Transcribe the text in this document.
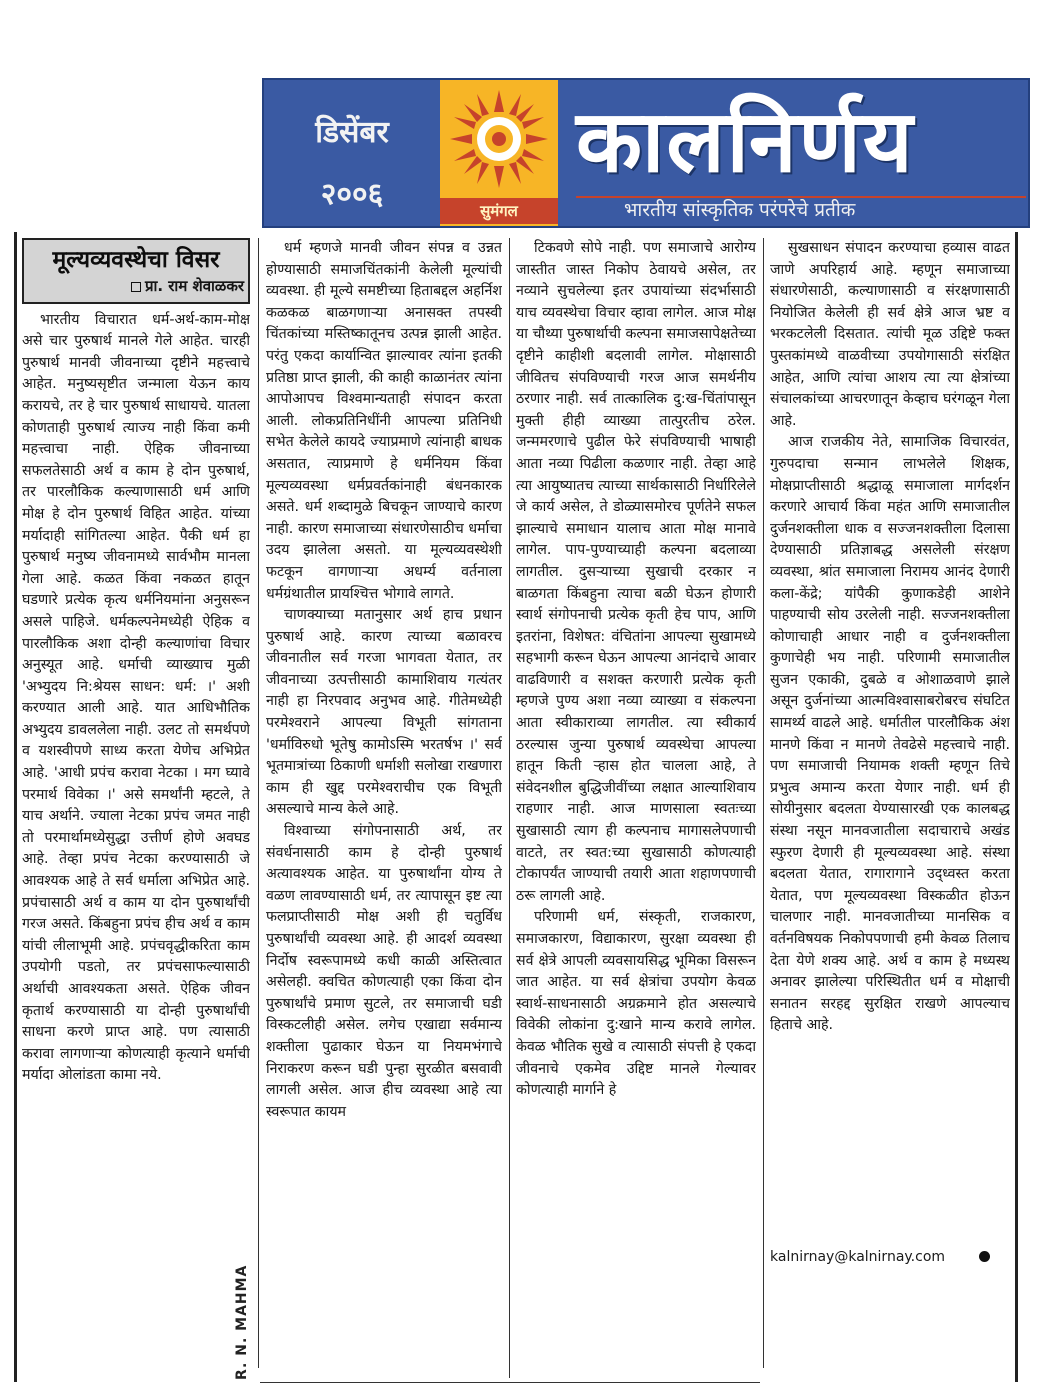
डिसेंबर
२००६	सुमंगल
कालनिर्णय
भारतीय सांस्कृतिक परंपरेचे प्रतीक
मूल्यव्यवस्थेचा विसर
प्रा. राम शेवाळकर

भारतीय विचारात धर्म-अर्थ-काम-मोक्ष असे चार पुरुषार्थ मानले गेले आहेत. चारही पुरुषार्थ मानवी जीवनाच्या दृष्टीने महत्त्वाचे आहेत. मनुष्यसृष्टीत जन्माला येऊन काय करायचे, तर हे चार पुरुषार्थ साधायचे. यातला कोणताही पुरुषार्थ त्याज्य नाही किंवा कमी महत्त्वाचा नाही. ऐहिक जीवनाच्या सफलतेसाठी अर्थ व काम हे दोन पुरुषार्थ, तर पारलौकिक कल्याणासाठी धर्म आणि मोक्ष हे दोन पुरुषार्थ विहित आहेत. यांच्या मर्यादाही सांगितल्या आहेत. पैकी धर्म हा पुरुषार्थ मनुष्य जीवनामध्ये सार्वभौम मानला गेला आहे. कळत किंवा नकळत हातून घडणारे प्रत्येक कृत्य धर्मनियमांना अनुसरून असले पाहिजे. धर्मकल्पनेमध्येही ऐहिक व पारलौकिक अशा दोन्ही कल्याणांचा विचार अनुस्यूत आहे. धर्माची व्याख्याच मुळी 'अभ्युदय नि:श्रेयस साधन: धर्म: ।' अशी करण्यात आली आहे. यात आधिभौतिक अभ्युदय डावललेला नाही. उलट तो समर्थपणे व यशस्वीपणे साध्य करता येणेच अभिप्रेत आहे. 'आधी प्रपंच करावा नेटका । मग घ्यावे परमार्थ विवेका ।' असे समर्थांनी म्हटले, ते याच अर्थाने. ज्याला नेटका प्रपंच जमत नाही तो परमार्थामध्येसुद्धा उत्तीर्ण होणे अवघड आहे. तेव्हा प्रपंच नेटका करण्यासाठी जे आवश्यक आहे ते सर्व धर्माला अभिप्रेत आहे. प्रपंचासाठी अर्थ व काम या दोन पुरुषार्थांची गरज असते. किंबहुना प्रपंच हीच अर्थ व काम यांची लीलाभूमी आहे. प्रपंचवृद्धीकरिता काम उपयोगी पडतो, तर प्रपंचसाफल्यासाठी अर्थाची आवश्यकता असते. ऐहिक जीवन कृतार्थ करण्यासाठी या दोन्ही पुरुषार्थांची साधना करणे प्राप्त आहे. पण त्यासाठी करावा लागणाऱ्या कोणत्याही कृत्याने धर्माची मर्यादा ओलांडता कामा नये.

धर्म म्हणजे मानवी जीवन संपन्न व उन्नत होण्यासाठी समाजचिंतकांनी केलेली मूल्यांची व्यवस्था. ही मूल्ये समष्टीच्या हिताबद्दल अहर्निश कळकळ बाळगणाऱ्या अनासक्त तपस्वी चिंतकांच्या मस्तिष्कातूनच उत्पन्न झाली आहेत. परंतु एकदा कार्यान्वित झाल्यावर त्यांना इतकी प्रतिष्ठा प्राप्त झाली, की काही काळानंतर त्यांना आपोआपच विश्वमान्यताही संपादन करता आली. लोकप्रतिनिधींनी आपल्या प्रतिनिधी सभेत केलेले कायदे ज्याप्रमाणे त्यांनाही बाधक असतात, त्याप्रमाणे हे धर्मनियम किंवा मूल्यव्यवस्था धर्मप्रवर्तकांनाही बंधनकारक असते. धर्म शब्दामुळे बिचकून जाण्याचे कारण नाही. कारण समाजाच्या संधारणेसाठीच धर्माचा उदय झालेला असतो. या मूल्यव्यवस्थेशी फटकून वागणाऱ्या अधर्म्य वर्तनाला धर्मग्रंथातील प्रायश्चित्त भोगावे लागते.

चाणक्याच्या मतानुसार अर्थ हाच प्रधान पुरुषार्थ आहे. कारण त्याच्या बळावरच जीवनातील सर्व गरजा भागवता येतात, तर जीवनाच्या उत्पत्तीसाठी कामाशिवाय गत्यंतर नाही हा निरपवाद अनुभव आहे. गीतेमध्येही परमेश्वराने आपल्या विभूती सांगताना 'धर्माविरुधो भूतेषु कामोऽस्मि भरतर्षभ ।' सर्व भूतमात्रांच्या ठिकाणी धर्माशी सलोखा राखणारा काम ही खुद्द परमेश्वराचीच एक विभूती असल्याचे मान्य केले आहे.

विश्वाच्या संगोपनासाठी अर्थ, तर संवर्धनासाठी काम हे दोन्ही पुरुषार्थ अत्यावश्यक आहेत. या पुरुषार्थांना योग्य ते वळण लावण्यासाठी धर्म, तर त्यापासून इष्ट त्या फलप्राप्तीसाठी मोक्ष अशी ही चतुर्विध पुरुषार्थांची व्यवस्था आहे. ही आदर्श व्यवस्था निर्दोष स्वरूपामध्ये कधी काळी अस्तित्वात असेलही. क्वचित कोणत्याही एका किंवा दोन पुरुषार्थांचे प्रमाण सुटले, तर समाजाची घडी विस्कटलीही असेल. लगेच एखाद्या सर्वमान्य शक्तीला पुढाकार घेऊन या नियमभंगाचे निराकरण करून घडी पुन्हा सुरळीत बसवावी लागली असेल. आज हीच व्यवस्था आहे त्या स्वरूपात कायम

टिकवणे सोपे नाही. पण समाजाचे आरोग्य जास्तीत जास्त निकोप ठेवायचे असेल, तर नव्याने सुचलेल्या इतर उपायांच्या संदर्भासाठी याच व्यवस्थेचा विचार व्हावा लागेल. आज मोक्ष या चौथ्या पुरुषार्थाची कल्पना समाजसापेक्षतेच्या दृष्टीने काहीशी बदलावी लागेल. मोक्षासाठी जीवितच संपविण्याची गरज आज समर्थनीय ठरणार नाही. सर्व तात्कालिक दु:ख-चिंतांपासून मुक्ती हीही व्याख्या तात्पुरतीच ठरेल. जन्ममरणाचे पुढील फेरे संपविण्याची भाषाही आता नव्या पिढीला कळणार नाही. तेव्हा आहे त्या आयुष्यातच त्याच्या सार्थकासाठी निर्धारिलेले जे कार्य असेल, ते डोळ्यासमोरच पूर्णतेने सफल झाल्याचे समाधान यालाच आता मोक्ष मानावे लागेल. पाप-पुण्याच्याही कल्पना बदलाव्या लागतील. दुसऱ्याच्या सुखाची दरकार न बाळगता किंबहुना त्याचा बळी घेऊन होणारी स्वार्थ संगोपनाची प्रत्येक कृती हेच पाप, आणि इतरांना, विशेषत: वंचितांना आपल्या सुखामध्ये सहभागी करून घेऊन आपल्या आनंदाचे आवार वाढविणारी व सशक्त करणारी प्रत्येक कृती म्हणजे पुण्य अशा नव्या व्याख्या व संकल्पना आता स्वीकाराव्या लागतील. त्या स्वीकार्य ठरल्यास जुन्या पुरुषार्थ व्यवस्थेचा आपल्या हातून किती ऱ्हास होत चालला आहे, ते संवेदनशील बुद्धिजीवींच्या लक्षात आल्याशिवाय राहणार नाही. आज माणसाला स्वतःच्या सुखासाठी त्याग ही कल्पनाच मागासलेपणाची वाटते, तर स्वत:च्या सुखासाठी कोणत्याही टोकापर्यंत जाण्याची तयारी आता शहाणपणाची ठरू लागली आहे.

परिणामी धर्म, संस्कृती, राजकारण, समाजकारण, विद्याकारण, सुरक्षा व्यवस्था ही सर्व क्षेत्रे आपली व्यवसायसिद्ध भूमिका विसरून जात आहेत. या सर्व क्षेत्रांचा उपयोग केवळ स्वार्थ-साधनासाठी अग्रक्रमाने होत असल्याचे विवेकी लोकांना दु:खाने मान्य करावे लागेल. केवळ भौतिक सुखे व त्यासाठी संपत्ती हे एकदा जीवनाचे एकमेव उद्दिष्ट मानले गेल्यावर कोणत्याही मार्गाने हे

सुखसाधन संपादन करण्याचा हव्यास वाढत जाणे अपरिहार्य आहे. म्हणून समाजाच्या संधारणेसाठी, कल्याणासाठी व संरक्षणासाठी नियोजित केलेली ही सर्व क्षेत्रे आज भ्रष्ट व भरकटलेली दिसतात. त्यांची मूळ उद्दिष्टे फक्त पुस्तकांमध्ये वाळवीच्या उपयोगासाठी संरक्षित आहेत, आणि त्यांचा आशय त्या त्या क्षेत्रांच्या संचालकांच्या आचरणातून केव्हाच घरंगळून गेला आहे.

आज राजकीय नेते, सामाजिक विचारवंत, गुरुपदाचा सन्मान लाभलेले शिक्षक, मोक्षप्राप्तीसाठी श्रद्धाळू समाजाला मार्गदर्शन करणारे आचार्य किंवा महंत आणि समाजातील दुर्जनशक्तीला धाक व सज्जनशक्तीला दिलासा देण्यासाठी प्रतिज्ञाबद्ध असलेली संरक्षण व्यवस्था, श्रांत समाजाला निरामय आनंद देणारी कला-केंद्रे; यांपैकी कुणाकडेही आशेने पाहण्याची सोय उरलेली नाही. सज्जनशक्तीला कोणाचाही आधार नाही व दुर्जनशक्तीला कुणाचेही भय नाही. परिणामी समाजातील सुजन एकाकी, दुबळे व ओशाळवाणे झाले असून दुर्जनांच्या आत्मविश्वासाबरोबरच संघटित सामर्थ्य वाढले आहे. धर्मातील पारलौकिक अंश मानणे किंवा न मानणे तेवढेसे महत्त्वाचे नाही. पण समाजाची नियामक शक्ती म्हणून तिचे प्रभुत्व अमान्य करता येणार नाही. धर्म ही सोयीनुसार बदलता येण्यासारखी एक कालबद्ध संस्था नसून मानवजातीला सदाचाराचे अखंड स्फुरण देणारी ही मूल्यव्यवस्था आहे. संस्था बदलता येतात, रागारागाने उद्ध्वस्त करता येतात, पण मूल्यव्यवस्था विस्कळीत होऊन चालणार नाही. मानवजातीच्या मानसिक व वर्तनविषयक निकोपपणाची हमी केवळ तिलाच देता येणे शक्य आहे. अर्थ व काम हे मध्यस्थ अनावर झालेल्या परिस्थितीत धर्म व मोक्षाची सनातन सरहद्द सुरक्षित राखणे आपल्याच हिताचे आहे.

kalnirnay@kalnirnay.com
R. N. MAHMA
